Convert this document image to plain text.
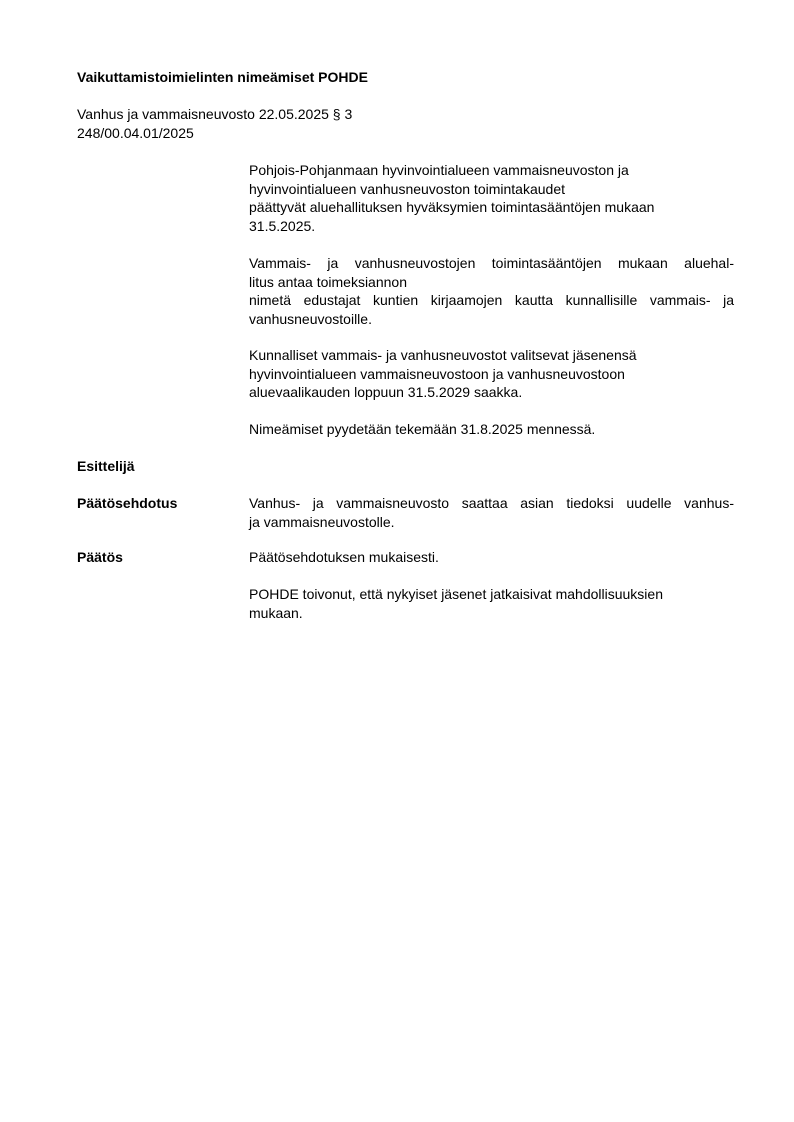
Vaikuttamistoimielinten nimeämiset POHDE
Vanhus ja vammaisneuvosto 22.05.2025 § 3
248/00.04.01/2025
Pohjois-Pohjanmaan hyvinvointialueen vammaisneuvoston ja
hyvinvointialueen vanhusneuvoston toimintakaudet
päättyvät aluehallituksen hyväksymien toimintasääntöjen mukaan
31.5.2025.
Vammais- ja vanhusneuvostojen toimintasääntöjen mukaan aluehal-
litus antaa toimeksiannon
nimetä edustajat kuntien kirjaamojen kautta kunnallisille vammais- ja
vanhusneuvostoille.
Kunnalliset vammais- ja vanhusneuvostot valitsevat jäsenensä
hyvinvointialueen vammaisneuvostoon ja vanhusneuvostoon
aluevaalikauden loppuun 31.5.2029 saakka.
Nimeämiset pyydetään tekemään 31.8.2025 mennessä.
Esittelijä
Päätösehdotus	Vanhus- ja vammaisneuvosto saattaa asian tiedoksi uudelle vanhus-
ja vammaisneuvostolle.
Päätös	Päätösehdotuksen mukaisesti.
POHDE toivonut, että nykyiset jäsenet jatkaisivat mahdollisuuksien
mukaan.
